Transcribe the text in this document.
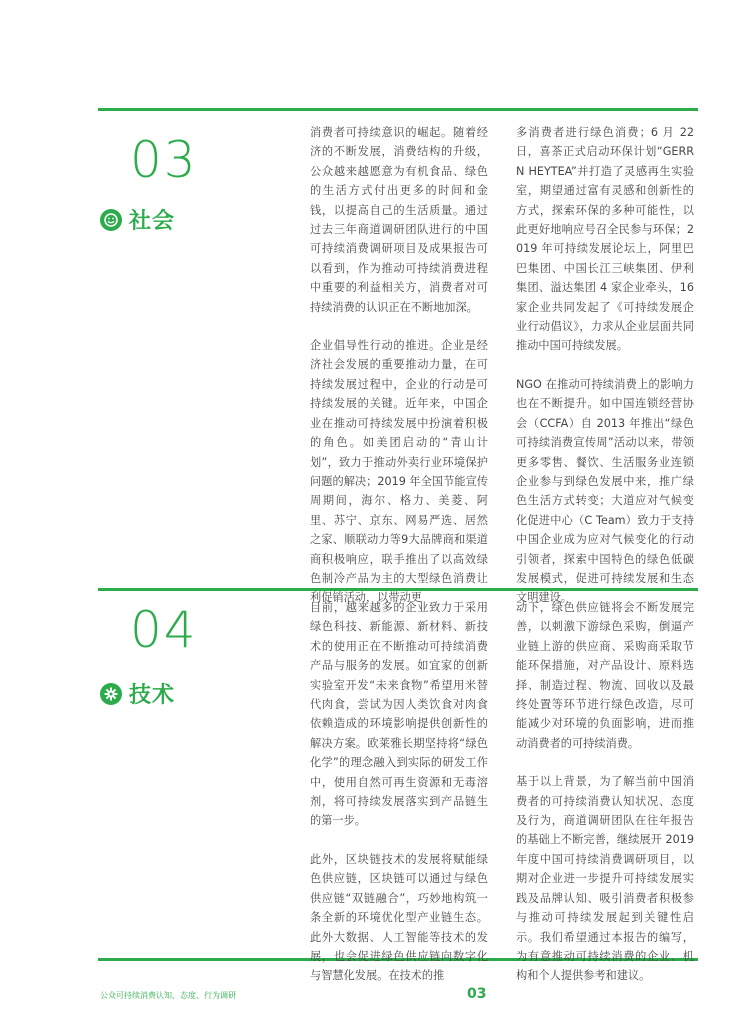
03
社会

消费者可持续意识的崛起。随着经济的不断发展，消费结构的升级，公众越来越愿意为有机食品、绿色的生活方式付出更多的时间和金钱，以提高自己的生活质量。通过过去三年商道调研团队进行的中国可持续消费调研项目及成果报告可以看到，作为推动可持续消费进程中重要的利益相关方，消费者对可持续消费的认识正在不断地加深。

企业倡导性行动的推进。企业是经济社会发展的重要推动力量，在可持续发展过程中，企业的行动是可持续发展的关键。近年来，中国企业在推动可持续发展中扮演着积极的角色。如美团启动的“青山计划”，致力于推动外卖行业环境保护问题的解决；2019 年全国节能宣传周期间，海尔、格力、美菱、阿里、苏宁、京东、网易严选、居然之家、顺联动力等9大品牌商和渠道商积极响应，联手推出了以高效绿色制冷产品为主的大型绿色消费让利促销活动，以带动更

多消费者进行绿色消费；6 月 22 日，喜茶正式启动环保计划“GERRN HEYTEA”并打造了灵感再生实验室，期望通过富有灵感和创新性的方式，探索环保的多种可能性，以此更好地响应号召全民参与环保；2019 年可持续发展论坛上，阿里巴巴集团、中国长江三峡集团、伊利集团、溢达集团 4 家企业牵头，16 家企业共同发起了《可持续发展企业行动倡议》，力求从企业层面共同推动中国可持续发展。

NGO 在推动可持续消费上的影响力也在不断提升。如中国连锁经营协会（CCFA）自 2013 年推出“绿色可持续消费宣传周”活动以来，带领更多零售、餐饮、生活服务业连锁企业参与到绿色发展中来，推广绿色生活方式转变；大道应对气候变化促进中心（C Team）致力于支持中国企业成为应对气候变化的行动引领者，探索中国特色的绿色低碳发展模式，促进可持续发展和生态文明建设。

04
技术

目前，越来越多的企业致力于采用绿色科技、新能源、新材料、新技术的使用正在不断推动可持续消费产品与服务的发展。如宜家的创新实验室开发“未来食物”希望用米替代肉食，尝试为因人类饮食对肉食依赖造成的环境影响提供创新性的解决方案。欧莱雅长期坚持将“绿色化学”的理念融入到实际的研发工作中，使用自然可再生资源和无毒溶剂，将可持续发展落实到产品链生的第一步。

此外，区块链技术的发展将赋能绿色供应链，区块链可以通过与绿色供应链“双链融合”，巧妙地构筑一条全新的环境优化型产业链生态。此外大数据、人工智能等技术的发展，也会促进绿色供应链向数字化与智慧化发展。在技术的推

动下，绿色供应链将会不断发展完善，以刺激下游绿色采购，倒逼产业链上游的供应商、采购商采取节能环保措施，对产品设计、原料选择、制造过程、物流、回收以及最终处置等环节进行绿色改造，尽可能减少对环境的负面影响，进而推动消费者的可持续消费。

基于以上背景，为了解当前中国消费者的可持续消费认知状况、态度及行为，商道调研团队在往年报告的基础上不断完善，继续展开 2019 年度中国可持续消费调研项目，以期对企业进一步提升可持续发展实践及品牌认知、吸引消费者积极参与推动可持续发展起到关键性启示。我们希望通过本报告的编写，为有意推动可持续消费的企业、机构和个人提供参考和建议。

公众可持续消费认知、态度、行为调研	03
